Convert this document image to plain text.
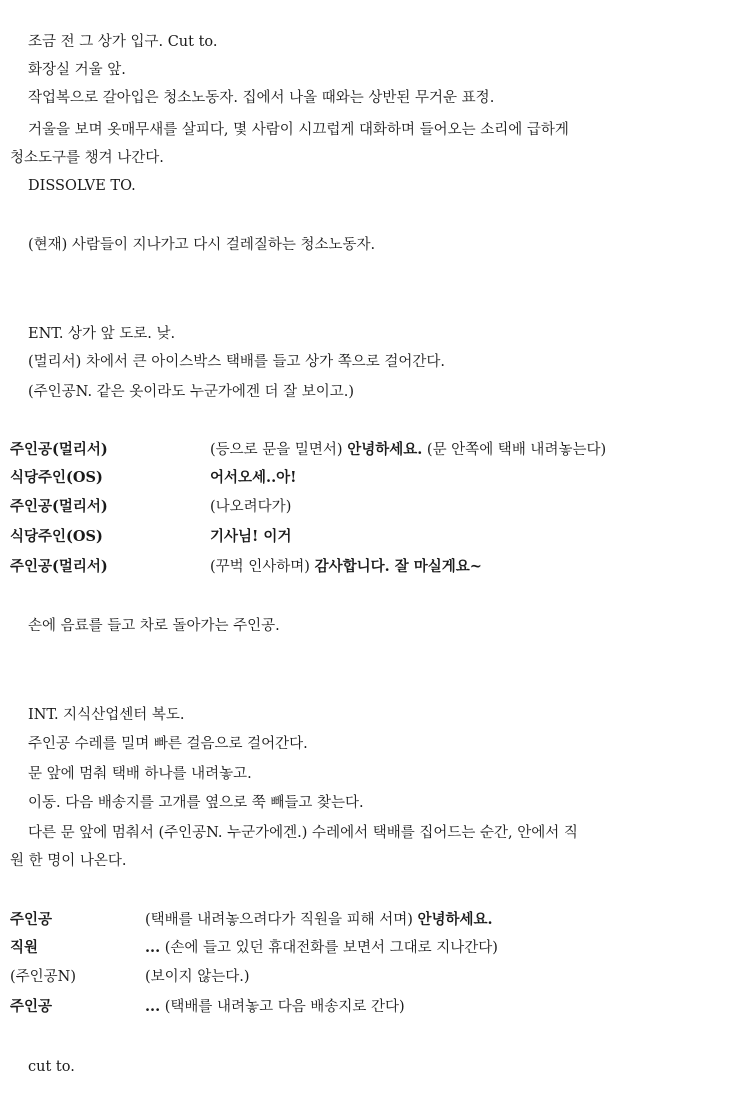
조금 전 그 상가 입구. Cut to.
화장실 거울 앞.
작업복으로 갈아입은 청소노동자. 집에서 나올 때와는 상반된 무거운 표정.
거울을 보며 옷매무새를 살피다, 몇 사람이 시끄럽게 대화하며 들어오는 소리에 급하게
청소도구를 챙겨 나간다.
DISSOLVE TO.
(현재) 사람들이 지나가고 다시 걸레질하는 청소노동자.
ENT. 상가 앞 도로. 낮.
(멀리서) 차에서 큰 아이스박스 택배를 들고 상가 쪽으로 걸어간다.
(주인공N. 같은 옷이라도 누군가에겐 더 잘 보이고.)
주인공(멀리서)	(등으로 문을 밀면서) 안녕하세요. (문 안쪽에 택배 내려놓는다)
식당주인(OS)	어서오세..아!
주인공(멀리서)	(나오려다가)
식당주인(OS)	기사님! 이거
주인공(멀리서)	(꾸벅 인사하며) 감사합니다. 잘 마실게요~
손에 음료를 들고 차로 돌아가는 주인공.
INT. 지식산업센터 복도.
주인공 수레를 밀며 빠른 걸음으로 걸어간다.
문 앞에 멈춰 택배 하나를 내려놓고.
이동. 다음 배송지를 고개를 옆으로 쭉 빼들고 찾는다.
다른 문 앞에 멈춰서 (주인공N. 누군가에겐.) 수레에서 택배를 집어드는 순간, 안에서 직
원 한 명이 나온다.
주인공	(택배를 내려놓으려다가 직원을 피해 서며) 안녕하세요.
직원	... (손에 들고 있던 휴대전화를 보면서 그대로 지나간다)
(주인공N)	(보이지 않는다.)
주인공	... (택배를 내려놓고 다음 배송지로 간다)
cut to.
